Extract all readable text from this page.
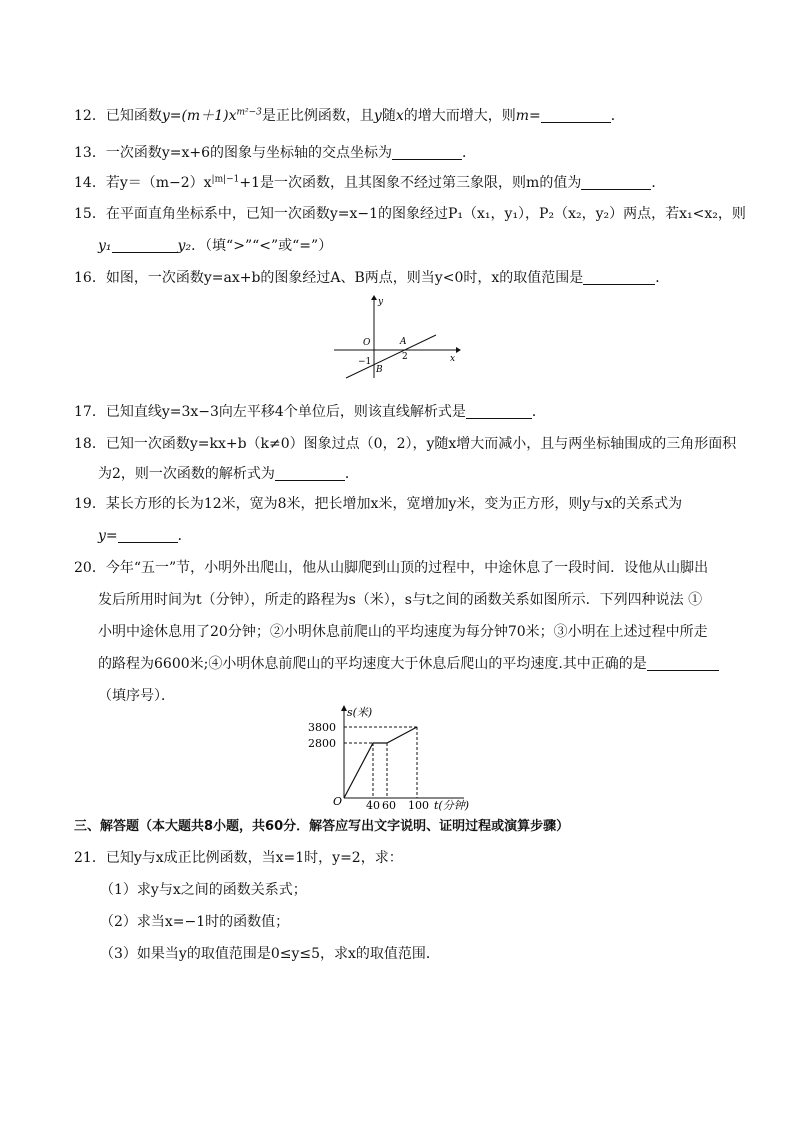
12．已知函数$y=(m+1)x^{m^2-3}$是正比例函数，且y随x的增大而增大，则m=	．
13．一次函数y=x+6的图象与坐标轴的交点坐标为	．
14．若$y=(m-2)x^{|m|-1}+1$是一次函数，且其图象不经过第三象限，则m的值为	．
15．在平面直角坐标系中，已知一次函数y=x−1的图象经过P₁（x₁，y₁），P₂（x₂，y₂）两点，若x₁<x₂，则
y₁	y₂．（填“>”“<”或“=”）
16．如图，一次函数y=ax+b的图象经过A、B两点，则当y<0时，x的取值范围是	．
y
O	A
2	x
−1
B
17．已知直线y=3x−3向左平移4个单位后，则该直线解析式是	．
18．已知一次函数y=kx+b（k≠0）图象过点（0，2），y随x增大而减小，且与两坐标轴围成的三角形面积
为2，则一次函数的解析式为	．
19．某长方形的长为12米，宽为8米，把长增加x米，宽增加y米，变为正方形，则y与x的关系式为
y=	．
20．今年“五一”节，小明外出爬山，他从山脚爬到山顶的过程中，中途休息了一段时间．设他从山脚出
发后所用时间为t（分钟），所走的路程为s（米），s与t之间的函数关系如图所示．下列四种说法 ①
小明中途休息用了20分钟；②小明休息前爬山的平均速度为每分钟70米；③小明在上述过程中所走
的路程为6600米;④小明休息前爬山的平均速度大于休息后爬山的平均速度.其中正确的是
（填序号）．
s(米)
3800
2800
O 40 60 100 t(分钟)
三、解答题（本大题共8小题，共60分．解答应写出文字说明、证明过程或演算步骤）
21．已知y与x成正比例函数，当x=1时，y=2，求：
（1）求y与x之间的函数关系式；
（2）求当x=−1时的函数值；
（3）如果当y的取值范围是0≤y≤5，求x的取值范围．
